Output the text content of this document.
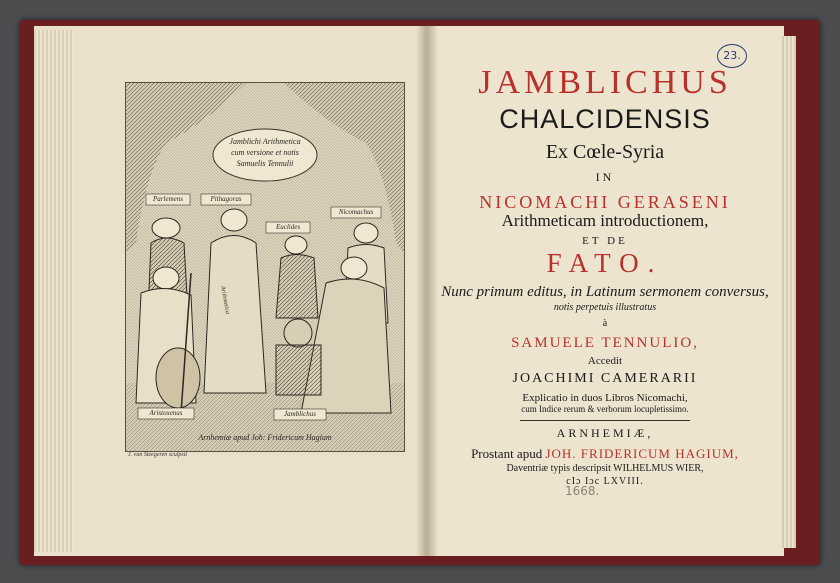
Jamblichi Arithmetica
cum versione et notis
Samuelis Tennulii
Parlemens	Pithagoras
Nicomachus
Euclides
Aristoxenus	Jamblichus
Arithmetica
Arnhemiæ apud Joh: Fridericum Hagium
J. van Steegeren sculpsit
23.
JAMBLICHUS
CHALCIDENSIS
Ex Cœle-Syria
IN
NICOMACHI GERASENI
Arithmeticam introductionem,
ET DE
FATO.
Nunc primum editus, in Latinum sermonem conversus,
notis perpetuis illustratus
à
SAMUELE TENNULIO,
Accedit
JOACHIMI CAMERARII
Explicatio in duos Libros Nicomachi,
cum Indice rerum & verborum locupletissimo.
ARNHEMIÆ,
Prostant apud JOH. FRIDERICUM HAGIUM,
Daventriæ typis descripsit WILHELMUS WIER,
cIɔ Iɔc LXVIII.
1668.
